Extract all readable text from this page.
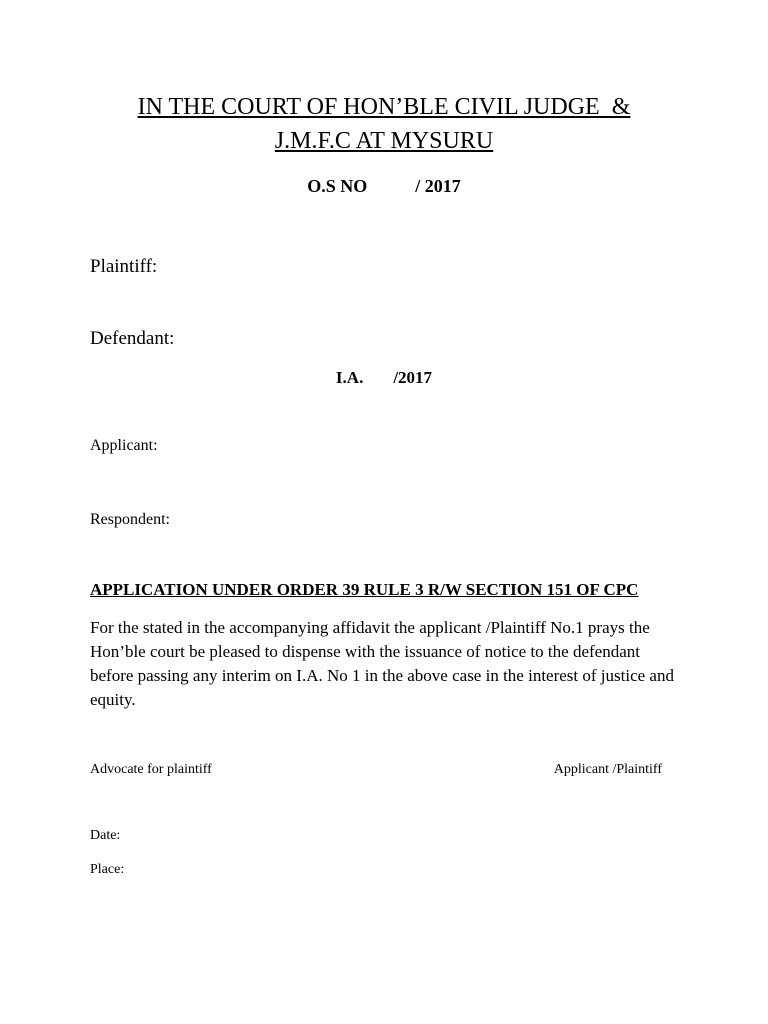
IN THE COURT OF HON’BLE CIVIL JUDGE  &
J.M.F.C AT MYSURU
O.S NO	/ 2017
Plaintiff:
Defendant:
I.A. /2017
Applicant:
Respondent:
APPLICATION UNDER ORDER 39 RULE 3 R/W SECTION 151 OF CPC

For the stated in the accompanying affidavit the applicant /Plaintiff No.1 prays the Hon’ble court be pleased to dispense with the issuance of notice to the defendant before passing any interim on I.A. No 1 in the above case in the interest of justice and equity.

Advocate for plaintiff	Applicant /Plaintiff
Date:
Place:
